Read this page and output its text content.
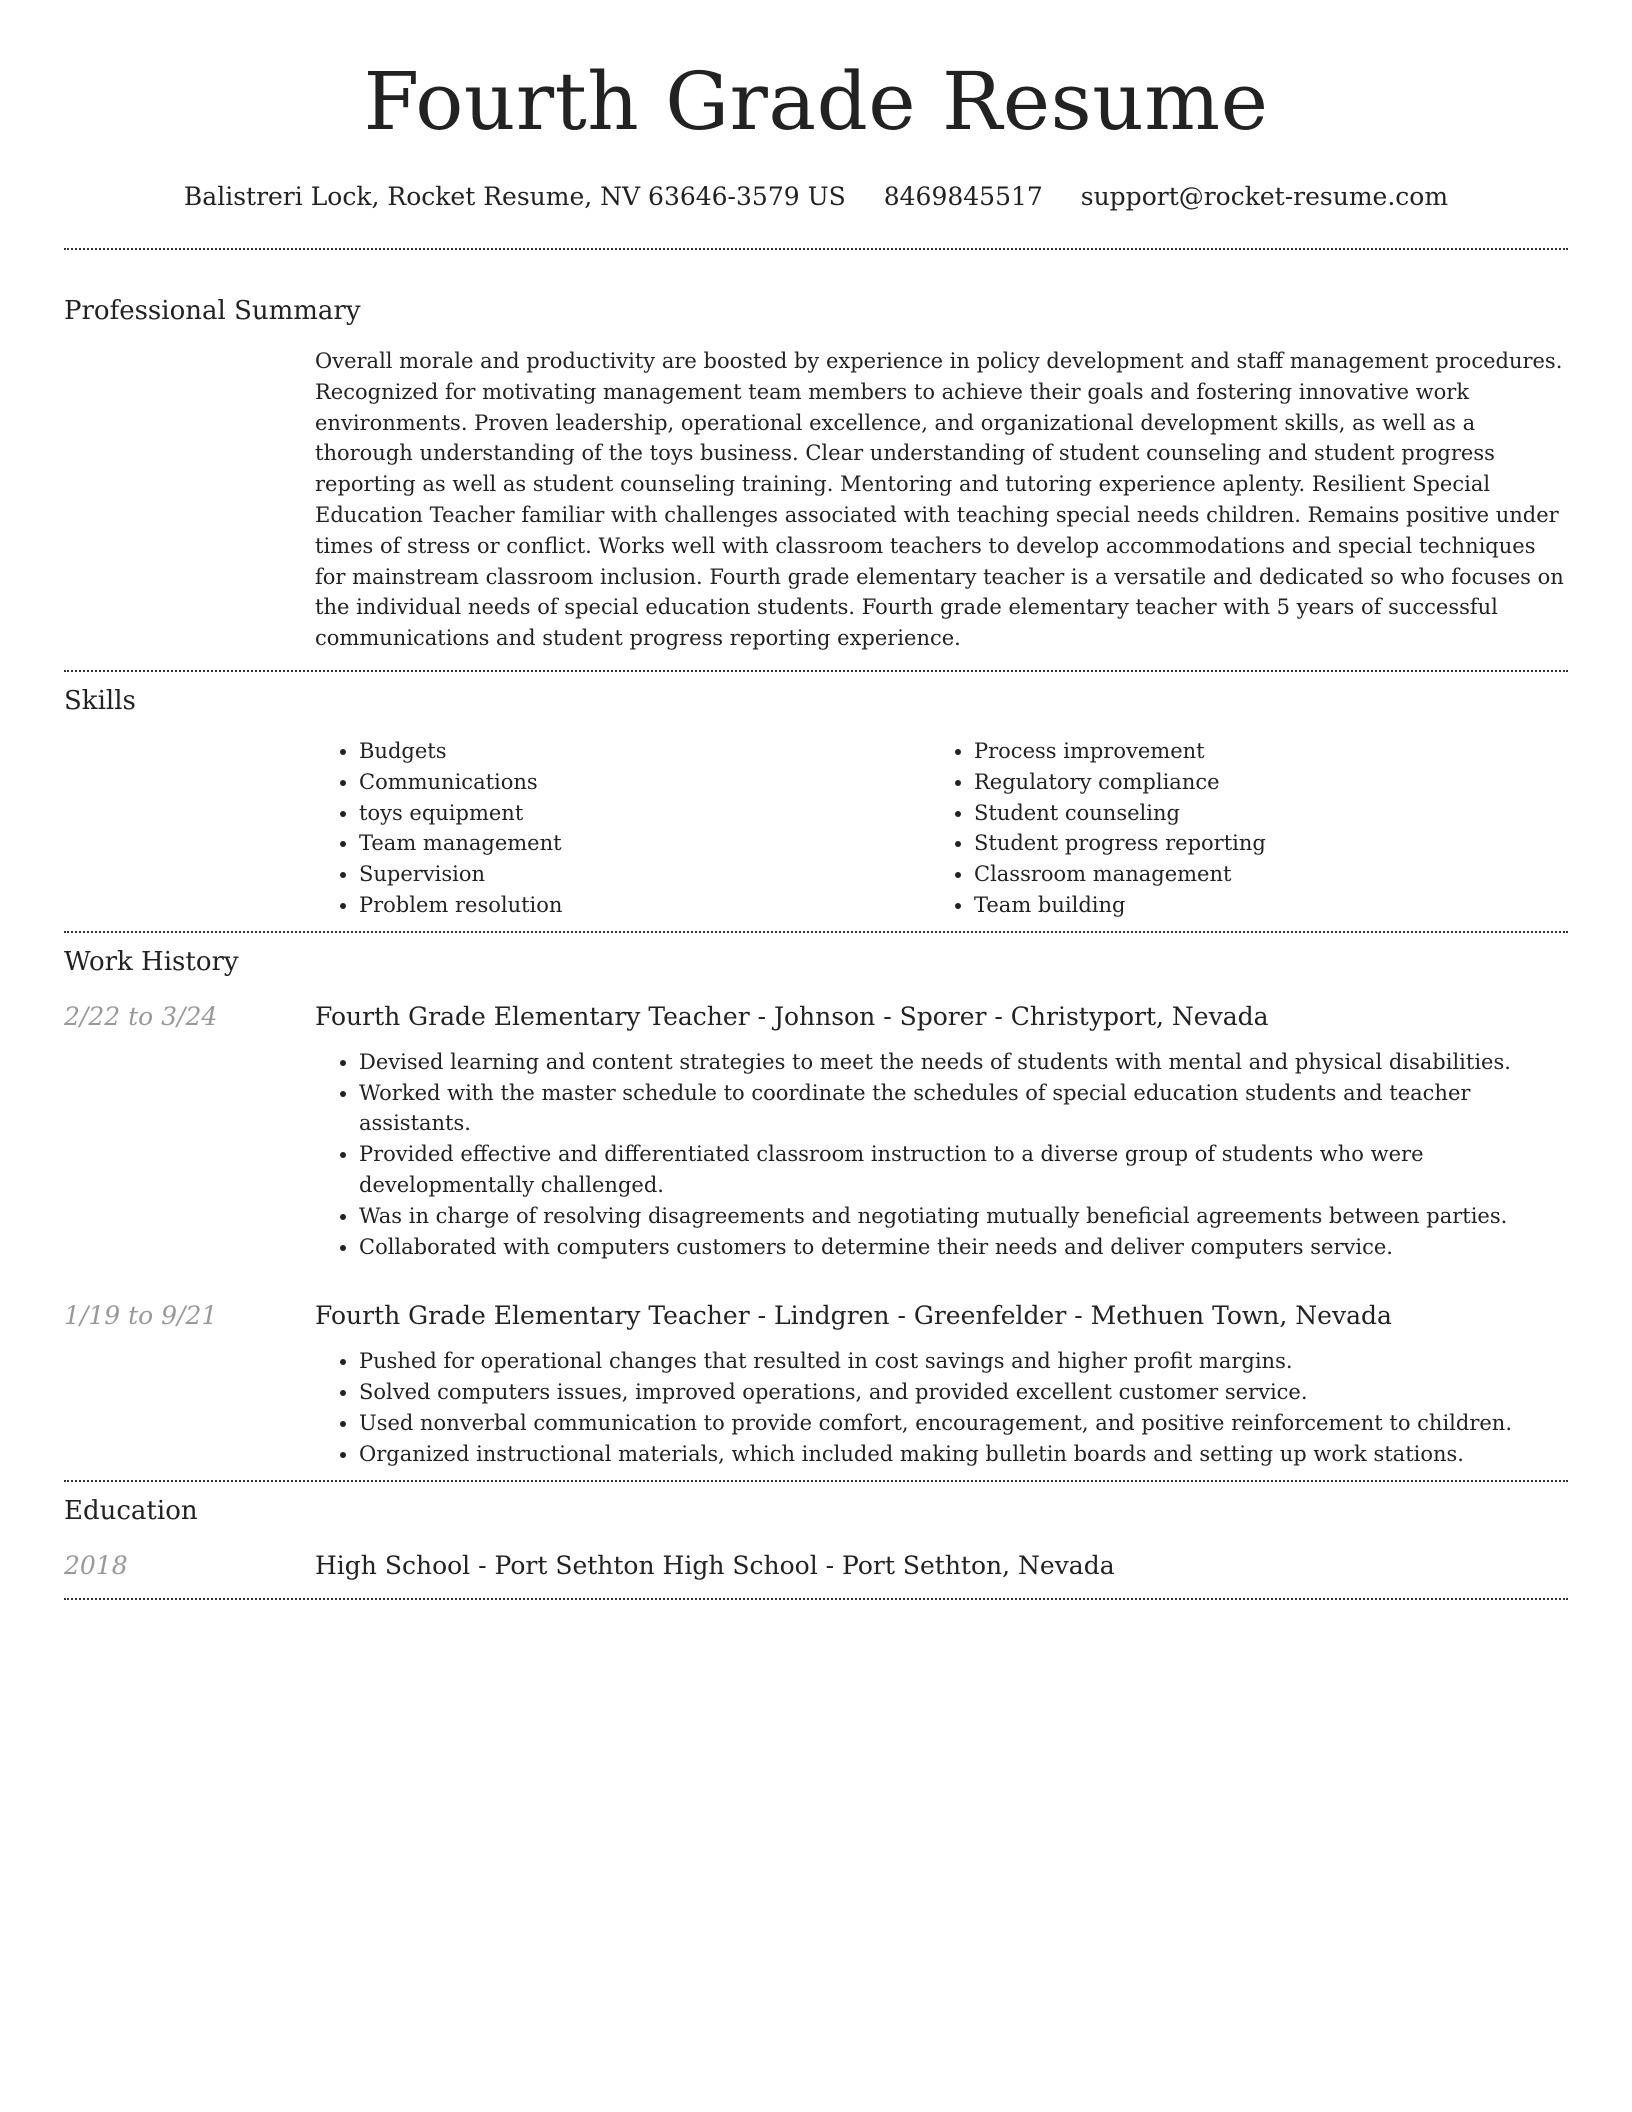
Fourth Grade Resume
Balistreri Lock, Rocket Resume, NV 63646-3579 US 8469845517 support@rocket-resume.com
Professional Summary

Overall morale and productivity are boosted by experience in policy development and staff management procedures. Recognized for motivating management team members to achieve their goals and fostering innovative work environments. Proven leadership, operational excellence, and organizational development skills, as well as a thorough understanding of the toys business. Clear understanding of student counseling and student progress reporting as well as student counseling training. Mentoring and tutoring experience aplenty. Resilient Special Education Teacher familiar with challenges associated with teaching special needs children. Remains positive under times of stress or conflict. Works well with classroom teachers to develop accommodations and special techniques for mainstream classroom inclusion. Fourth grade elementary teacher is a versatile and dedicated so who focuses on the individual needs of special education students. Fourth grade elementary teacher with 5 years of successful communications and student progress reporting experience.

Skills
• Budgets
• Communications
• toys equipment
• Team management
• Supervision
• Problem resolution
• Process improvement
• Regulatory compliance
• Student counseling
• Student progress reporting
• Classroom management
• Team building
Work History
2/22 to 3/24	Fourth Grade Elementary Teacher - Johnson - Sporer - Christyport, Nevada
• Devised learning and content strategies to meet the needs of students with mental and physical disabilities.
• Worked with the master schedule to coordinate the schedules of special education students and teacher assistants.
• Provided effective and differentiated classroom instruction to a diverse group of students who were developmentally challenged.
• Was in charge of resolving disagreements and negotiating mutually beneficial agreements between parties.
• Collaborated with computers customers to determine their needs and deliver computers service.
1/19 to 9/21	Fourth Grade Elementary Teacher - Lindgren - Greenfelder - Methuen Town, Nevada
• Pushed for operational changes that resulted in cost savings and higher profit margins.
• Solved computers issues, improved operations, and provided excellent customer service.
• Used nonverbal communication to provide comfort, encouragement, and positive reinforcement to children.
• Organized instructional materials, which included making bulletin boards and setting up work stations.
Education
2018	High School - Port Sethton High School - Port Sethton, Nevada
